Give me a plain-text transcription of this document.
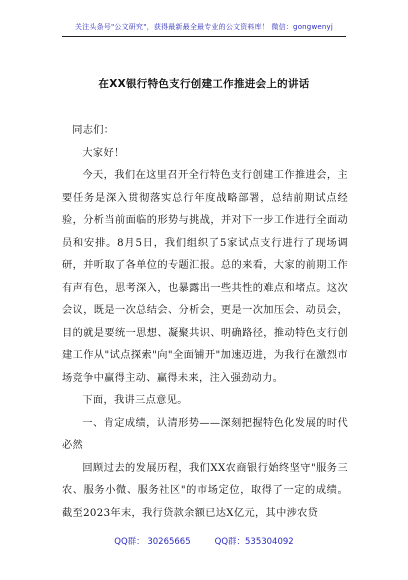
关注头条号"公文研究"，获得最新最全最专业的公文资料库！ 微信：gongwenyj
在XX银行特色支行创建工作推进会上的讲话

同志们：

大家好！

今天，我们在这里召开全行特色支行创建工作推进会，主要任务是深入贯彻落实总行年度战略部署，总结前期试点经验，分析当前面临的形势与挑战，并对下一步工作进行全面动员和安排。8月5日，我们组织了5家试点支行进行了现场调研，并听取了各单位的专题汇报。总的来看，大家的前期工作有声有色，思考深入，也暴露出一些共性的难点和堵点。这次会议，既是一次总结会、分析会，更是一次加压会、动员会，目的就是要统一思想、凝聚共识、明确路径，推动特色支行创建工作从"试点探索"向"全面铺开"加速迈进，为我行在激烈市场竞争中赢得主动、赢得未来，注入强劲动力。

下面，我讲三点意见。

一、肯定成绩，认清形势——深刻把握特色化发展的时代必然

回顾过去的发展历程，我们XX农商银行始终坚守"服务三农、服务小微、服务社区"的市场定位，取得了一定的成绩。截至2023年末，我行贷款余额已达X亿元，其中涉农贷

QQ群： 30265665	QQ群：535304092
